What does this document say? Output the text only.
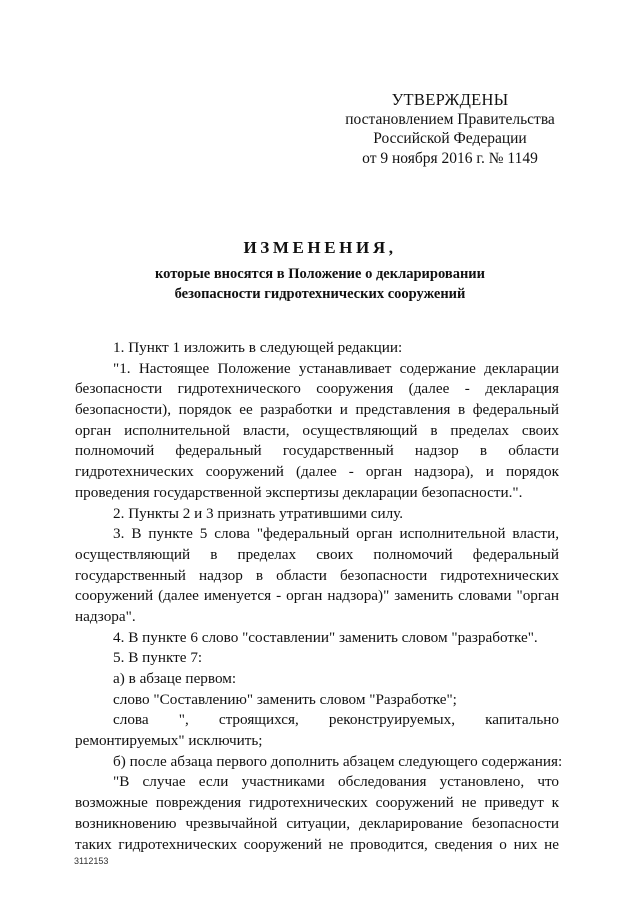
УТВЕРЖДЕНЫ
постановлением Правительства
Российской Федерации
от 9 ноября 2016 г. № 1149
ИЗМЕНЕНИЯ,
которые вносятся в Положение о декларировании
безопасности гидротехнических сооружений
1. Пункт 1 изложить в следующей редакции:
"1. Настоящее Положение устанавливает содержание декларации
безопасности гидротехнического сооружения (далее - декларация
безопасности), порядок ее разработки и представления в федеральный
орган исполнительной власти, осуществляющий в пределах своих
полномочий федеральный государственный надзор в области
гидротехнических сооружений (далее - орган надзора), и порядок
проведения государственной экспертизы декларации безопасности.".
2. Пункты 2 и 3 признать утратившими силу.
3. В пункте 5 слова "федеральный орган исполнительной власти,
осуществляющий в пределах своих полномочий федеральный
государственный надзор в области безопасности гидротехнических
сооружений (далее именуется - орган надзора)" заменить словами "орган
надзора".
4. В пункте 6 слово "составлении" заменить словом "разработке".
5. В пункте 7:
а) в абзаце первом:
слово "Составлению" заменить словом "Разработке";
слова ", строящихся, реконструируемых, капитально
ремонтируемых" исключить;
б) после абзаца первого дополнить абзацем следующего содержания:
"В случае если участниками обследования установлено, что
возможные повреждения гидротехнических сооружений не приведут к
возникновению чрезвычайной ситуации, декларирование безопасности
таких гидротехнических сооружений не проводится, сведения о них не
3112153
